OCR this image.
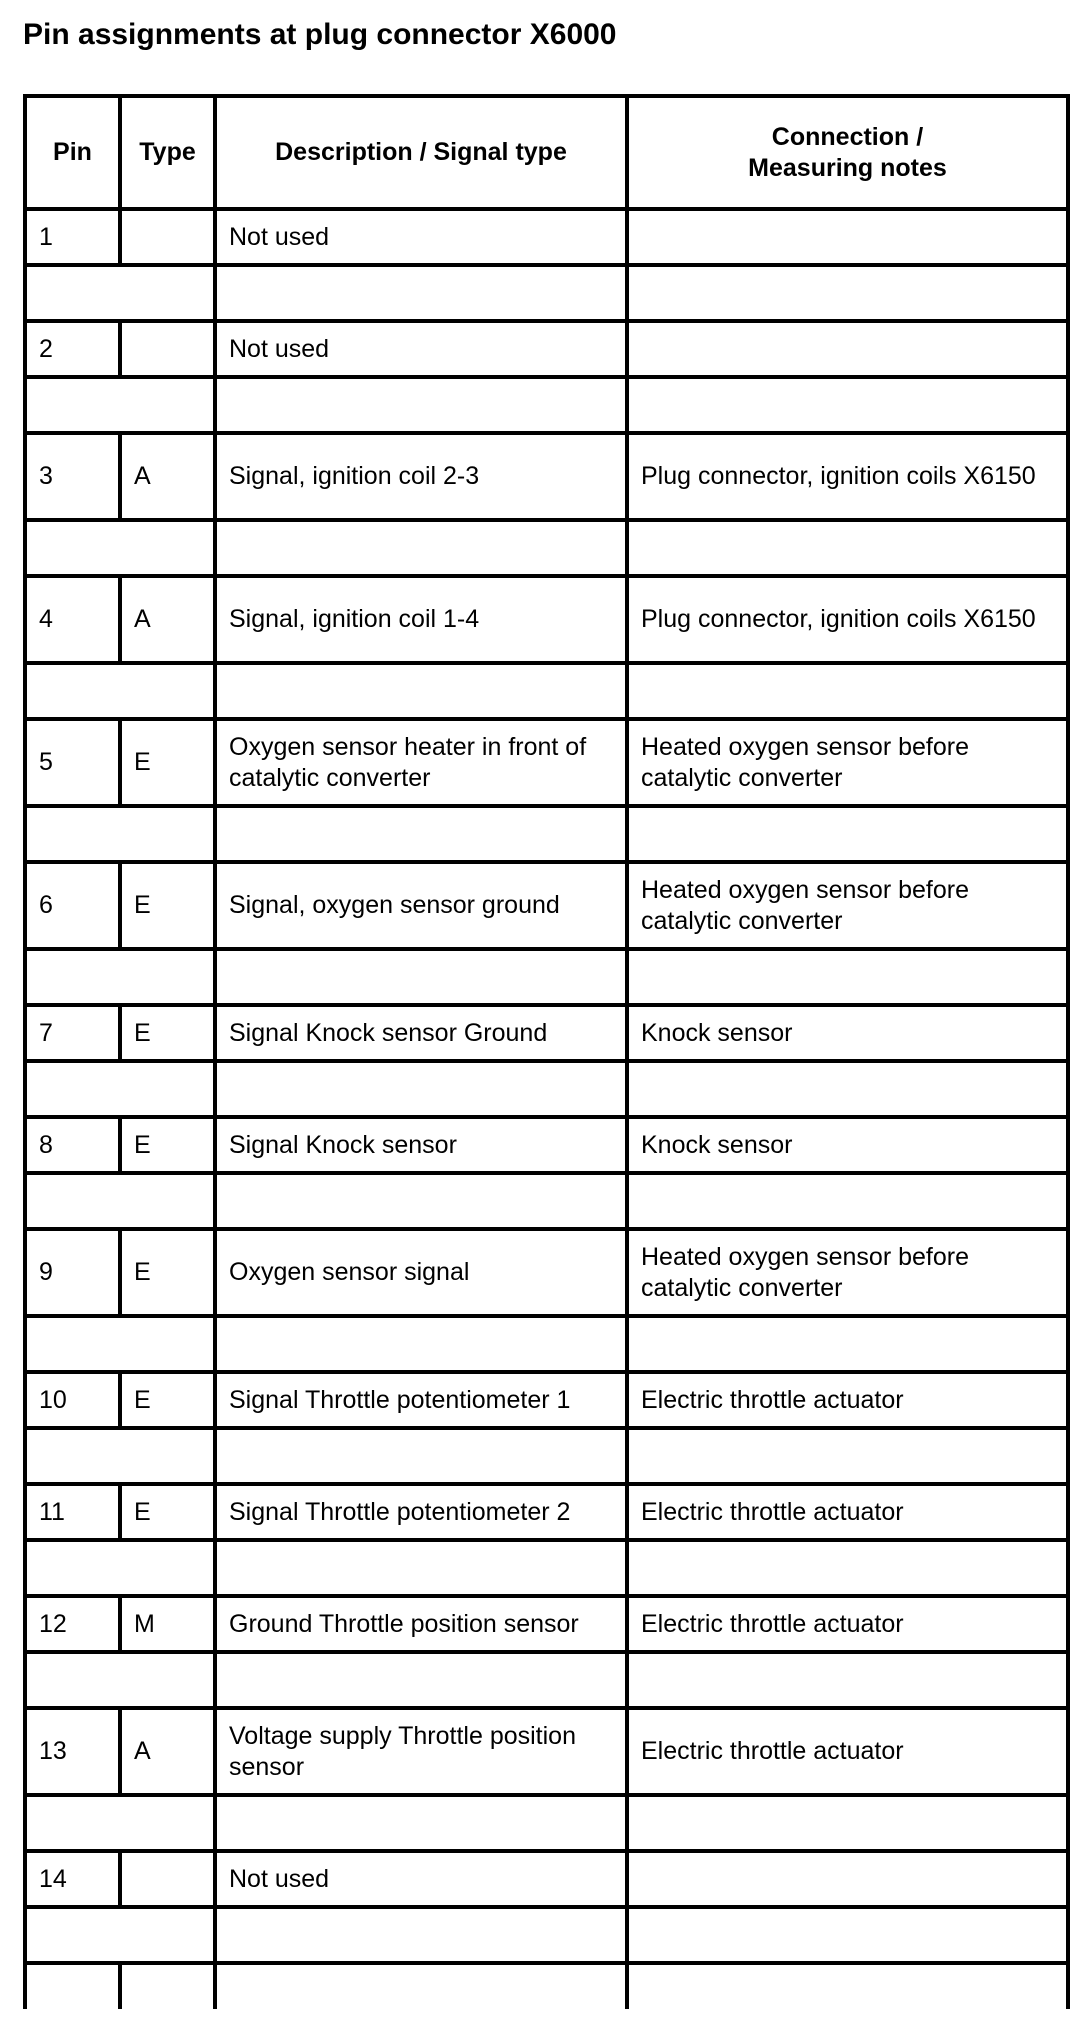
Pin assignments at plug connector X6000
Pin	Type	Description / Signal type	Connection /
Measuring notes

1		Not used	

2		Not used	

3	A	Signal, ignition coil 2-3	Plug connector, ignition coils X6150

4	A	Signal, ignition coil 1-4	Plug connector, ignition coils X6150

5	E	Oxygen sensor heater in front of catalytic converter	Heated oxygen sensor before catalytic converter

6	E	Signal, oxygen sensor ground	Heated oxygen sensor before catalytic converter

7	E	Signal Knock sensor Ground	Knock sensor

8	E	Signal Knock sensor	Knock sensor

9	E	Oxygen sensor signal	Heated oxygen sensor before catalytic converter

10	E	Signal Throttle potentiometer 1	Electric throttle actuator

11	E	Signal Throttle potentiometer 2	Electric throttle actuator

12	M	Ground Throttle position sensor	Electric throttle actuator

13	A	Voltage supply Throttle position sensor	Electric throttle actuator

14		Not used	
